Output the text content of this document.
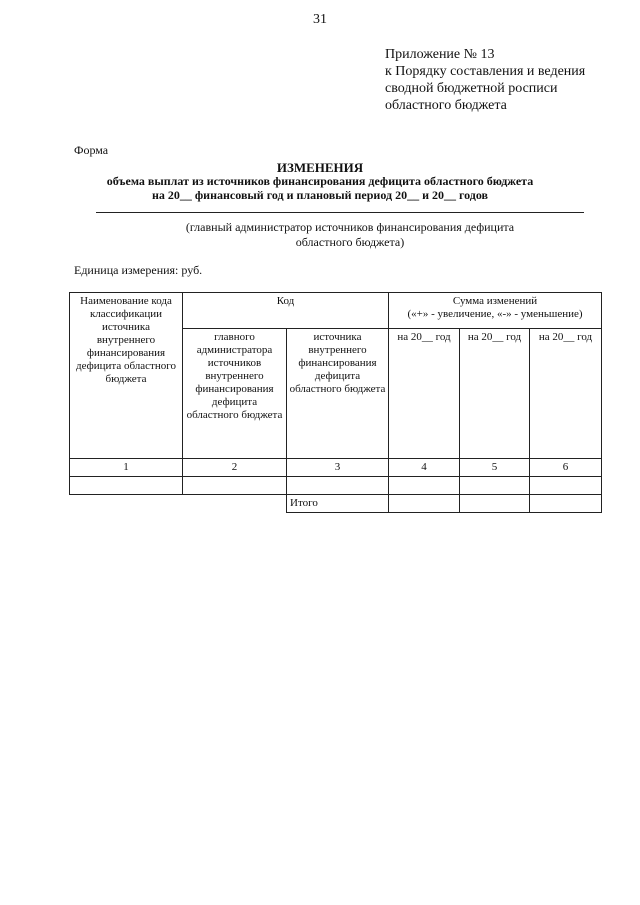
31
Приложение № 13
к Порядку составления и ведения
сводной бюджетной росписи
областного бюджета
Форма
ИЗМЕНЕНИЯ
объема выплат из источников финансирования дефицита областного бюджета
на 20__ финансовый год и плановый период 20__ и 20__ годов
(главный администратор источников финансирования дефицита
областного бюджета)
Единица измерения: руб.
Наименование кода классификации источника внутреннего финансирования дефицита областного бюджета	Код		Сумма изменений
(«+» - увеличение, «-» - уменьшение)		

	главного администратора источников внутреннего финансирования дефицита областного бюджета	источника внутреннего финансирования дефицита областного бюджета	на 20__ год	на 20__ год	на 20__ год
1	2	3	4	5	6

		Итого			
